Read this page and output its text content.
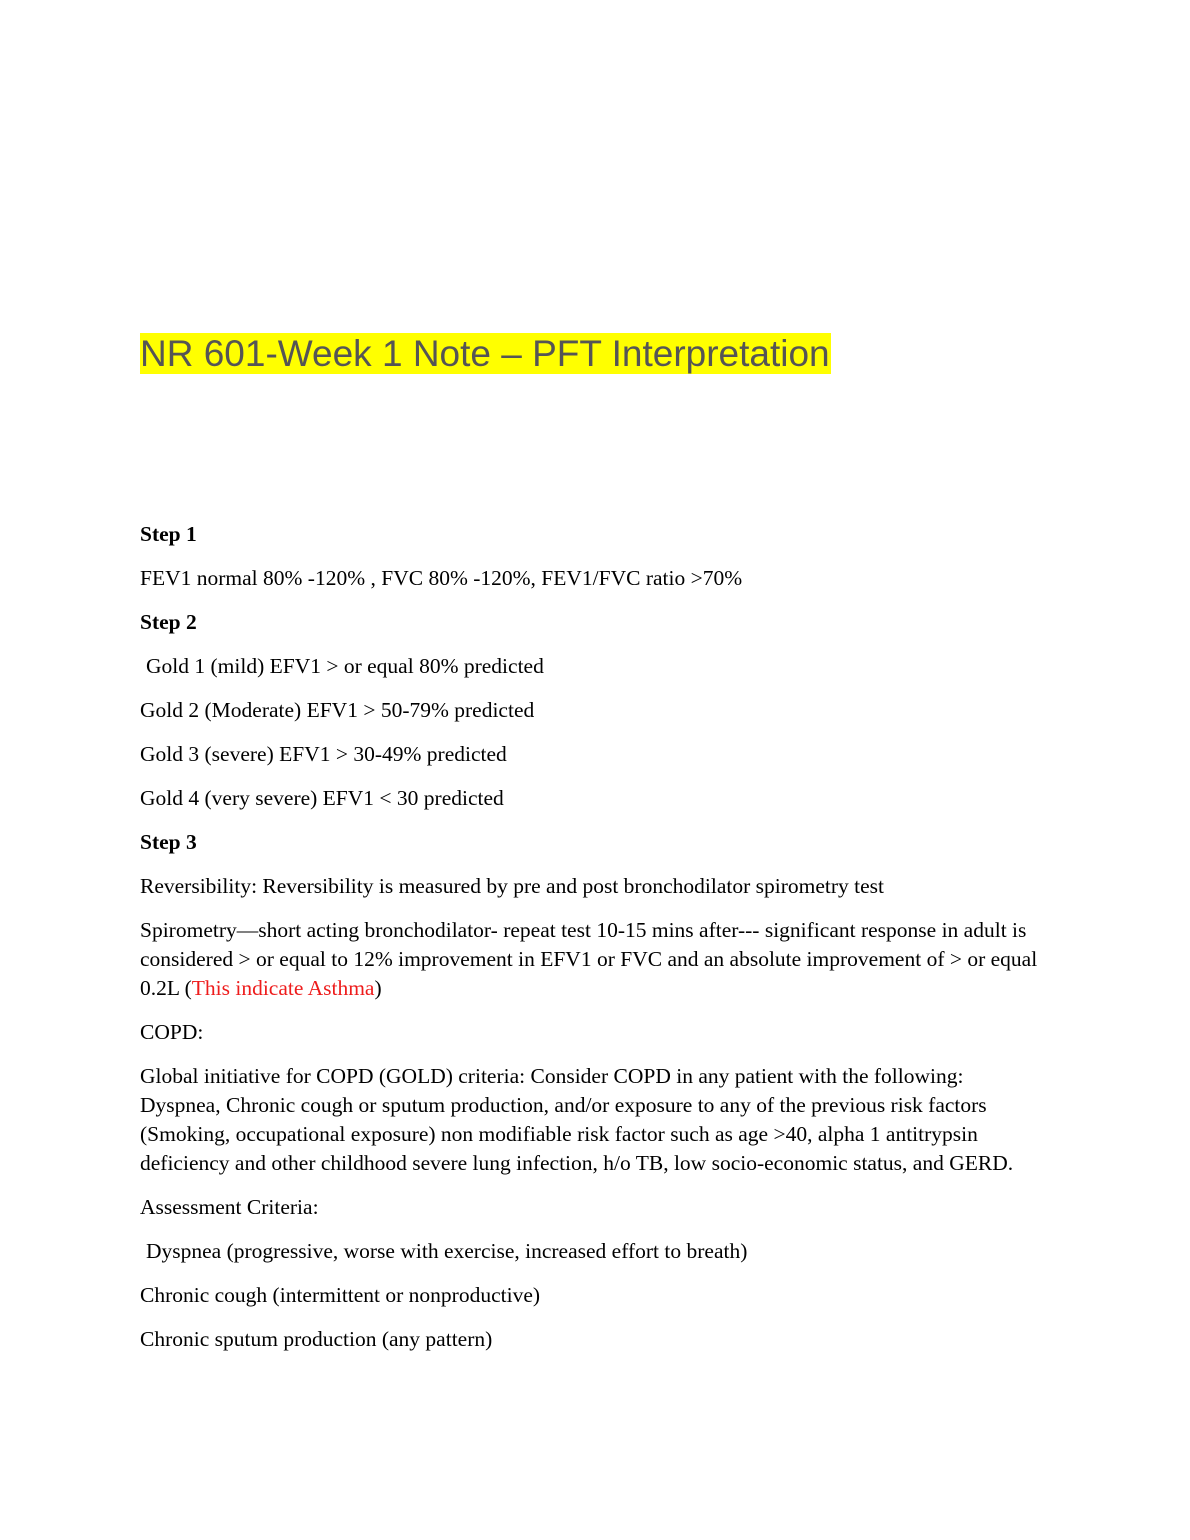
NR 601-Week 1 Note – PFT Interpretation

Step 1

FEV1 normal 80% -120% , FVC 80% -120%, FEV1/FVC ratio >70%

Step 2

Gold 1 (mild) EFV1 > or equal 80% predicted

Gold 2 (Moderate) EFV1 > 50-79% predicted

Gold 3 (severe) EFV1 > 30-49% predicted

Gold 4 (very severe) EFV1 < 30 predicted

Step 3

Reversibility: Reversibility is measured by pre and post bronchodilator spirometry test

Spirometry—short acting bronchodilator- repeat test 10-15 mins after--- significant response in adult is considered > or equal to 12% improvement in EFV1 or FVC and an absolute improvement of > or equal 0.2L (This indicate Asthma)

COPD:

Global initiative for COPD (GOLD) criteria: Consider COPD in any patient with the following: Dyspnea, Chronic cough or sputum production, and/or exposure to any of the previous risk factors (Smoking, occupational exposure) non modifiable risk factor such as age >40, alpha 1 antitrypsin deficiency and other childhood severe lung infection, h/o TB, low socio-economic status, and GERD.

Assessment Criteria:

Dyspnea (progressive, worse with exercise, increased effort to breath)

Chronic cough (intermittent or nonproductive)

Chronic sputum production (any pattern)
